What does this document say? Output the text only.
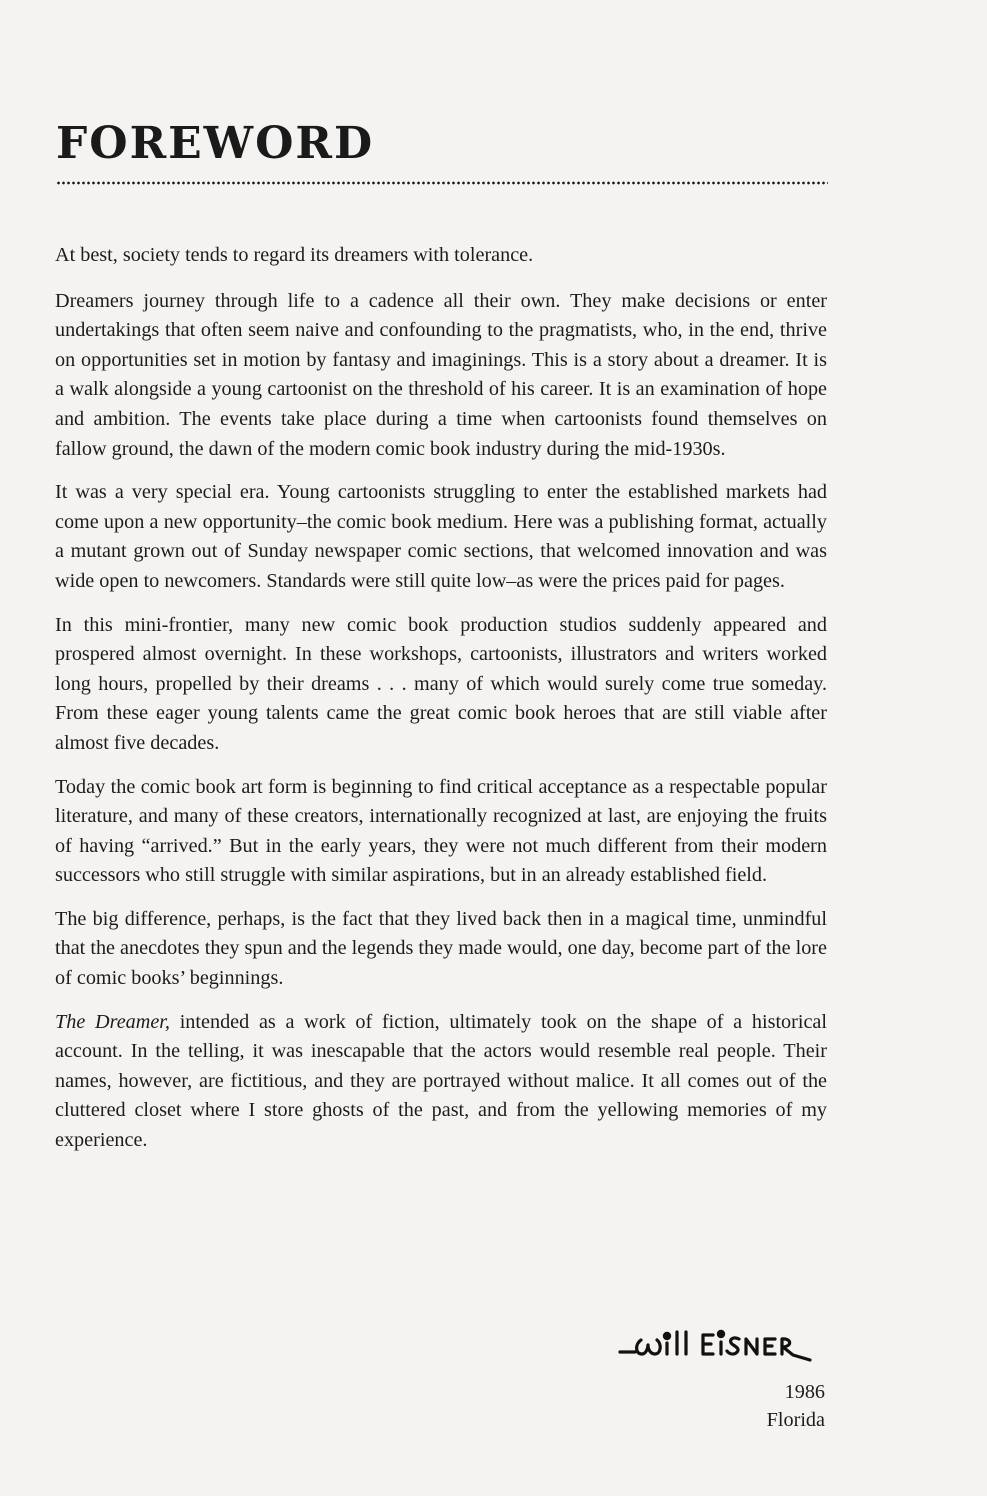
FOREWORD

At best, society tends to regard its dreamers with tolerance.

Dreamers journey through life to a cadence all their own. They make decisions or enter undertakings that often seem naive and confounding to the pragmatists, who, in the end, thrive on opportunities set in motion by fantasy and imaginings. This is a story about a dreamer. It is a walk alongside a young cartoonist on the threshold of his career. It is an examination of hope and ambition. The events take place during a time when cartoonists found themselves on fallow ground, the dawn of the modern comic book industry during the mid-1930s.

It was a very special era. Young cartoonists struggling to enter the established markets had come upon a new opportunity–the comic book medium. Here was a publishing format, actually a mutant grown out of Sunday newspaper comic sections, that welcomed innovation and was wide open to newcomers. Standards were still quite low–as were the prices paid for pages.

In this mini-frontier, many new comic book production studios suddenly appeared and prospered almost overnight. In these workshops, cartoonists, illustrators and writers worked long hours, propelled by their dreams . . . many of which would surely come true someday. From these eager young talents came the great comic book heroes that are still viable after almost five decades.

Today the comic book art form is beginning to find critical acceptance as a respectable popular literature, and many of these creators, internationally recognized at last, are enjoying the fruits of having “arrived.” But in the early years, they were not much different from their modern successors who still struggle with similar aspirations, but in an already established field.

The big difference, perhaps, is the fact that they lived back then in a magical time, unmindful that the anecdotes they spun and the legends they made would, one day, become part of the lore of comic books’ beginnings.

The Dreamer, intended as a work of fiction, ultimately took on the shape of a historical account. In the telling, it was inescapable that the actors would resemble real people. Their names, however, are fictitious, and they are portrayed without malice. It all comes out of the cluttered closet where I store ghosts of the past, and from the yellowing memories of my experience.

1986
Florida
